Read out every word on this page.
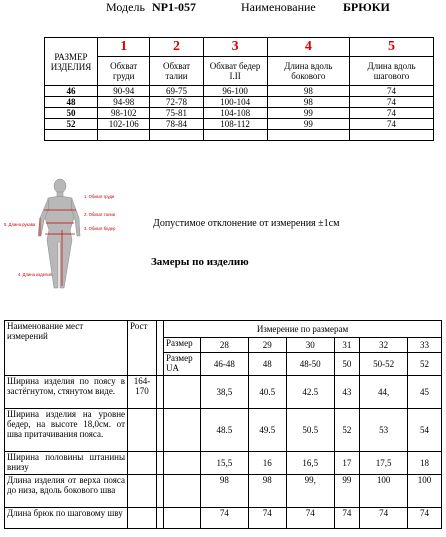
Модель NP1-057	Наименование БРЮКИ
РАЗМЕР ИЗДЕЛИЯ	1	2	3	4	5
	Обхват груди	Обхват талии	Обхват бедер I.II	Длина вдоль бокового	Длина вдоль шагового
46	90-94	69-75	96-100	98	74
48	94-98	72-78	100-104	98	74
50	98-102	75-81	104-108	99	74
52	102-106	78-84	108-112	99	74

1. Обхват груди
2. Обхват талии
3. Обхват бедер
4. Длина изделия
5. Длина рукава	Допустимое отклонение от измерения ±1см
Замеры по изделию
Наименование мест измерений	Рост		Измерение по размерам						
			Размер	28	29	30	31	32	33
			Размер UA	46-48	48	48-50	50	50-52	52
Ширина изделия по поясу в застёгнутом, стянутом виде.	164-170			38,5	40.5	42.5	43	44,	45
Ширина изделия на уровне бедер, на высоте 18,0см. от шва притачивания пояса.				48.5	49.5	50.5	52	53	54
Ширина половины штанины внизу				15,5	16	16,5	17	17,5	18
Длина изделия от верха пояса до низа, вдоль бокового шва				98	98	99,	99	100	100
Длина брюк по шаговому шву				74	74	74	74	74	74
